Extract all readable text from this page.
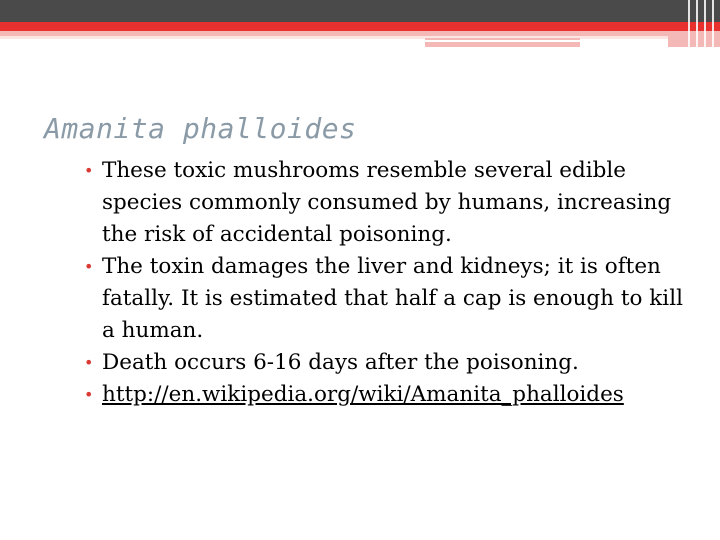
Amanita phalloides
• These toxic mushrooms resemble several edible species commonly consumed by humans, increasing the risk of accidental poisoning.
• The toxin damages the liver and kidneys; it is often fatally. It is estimated that half a cap is enough to kill a human.
• Death occurs 6-16 days after the poisoning.
• http://en.wikipedia.org/wiki/Amanita_phalloides
